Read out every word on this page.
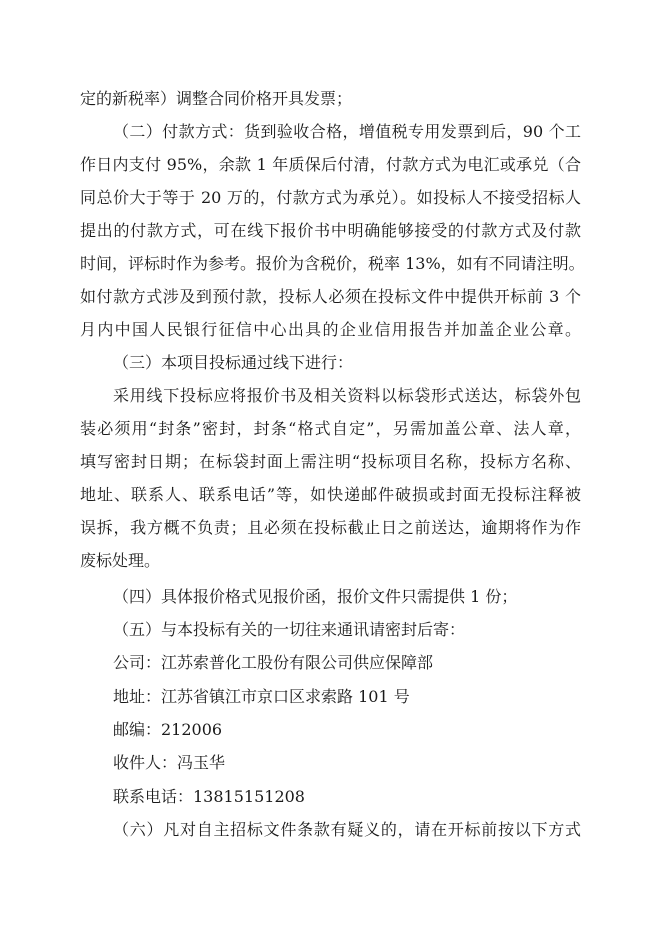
定的新税率）调整合同价格开具发票；
（二）付款方式：货到验收合格，增值税专用发票到后，90 个工
作日内支付 95%，余款 1 年质保后付清，付款方式为电汇或承兑（合
同总价大于等于 20 万的，付款方式为承兑）。如投标人不接受招标人
提出的付款方式，可在线下报价书中明确能够接受的付款方式及付款
时间，评标时作为参考。报价为含税价，税率 13%，如有不同请注明。
如付款方式涉及到预付款，投标人必须在投标文件中提供开标前 3 个
月内中国人民银行征信中心出具的企业信用报告并加盖企业公章。
（三）本项目投标通过线下进行：
采用线下投标应将报价书及相关资料以标袋形式送达，标袋外包
装必须用“封条”密封，封条“格式自定”，另需加盖公章、法人章，
填写密封日期；在标袋封面上需注明“投标项目名称，投标方名称、
地址、联系人、联系电话”等，如快递邮件破损或封面无投标注释被
误拆，我方概不负责；且必须在投标截止日之前送达，逾期将作为作
废标处理。
（四）具体报价格式见报价函，报价文件只需提供 1 份；
（五）与本投标有关的一切往来通讯请密封后寄：
公司：江苏索普化工股份有限公司供应保障部
地址：江苏省镇江市京口区求索路 101 号
邮编：212006
收件人：冯玉华
联系电话：13815151208
（六）凡对自主招标文件条款有疑义的，请在开标前按以下方式
